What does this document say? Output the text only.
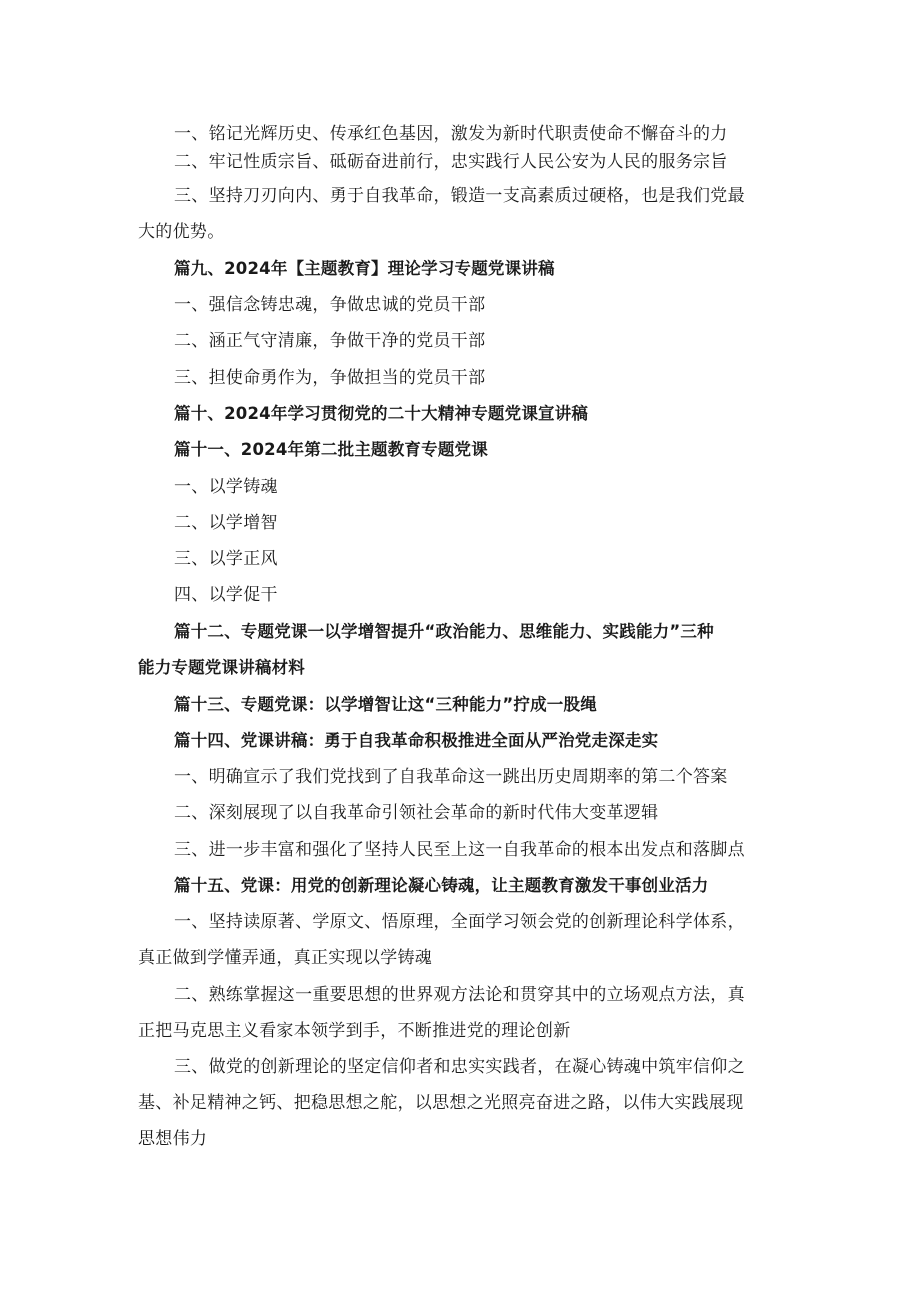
一、铭记光辉历史、传承红色基因，激发为新时代职责使命不懈奋斗的力
二、牢记性质宗旨、砥砺奋进前行，忠实践行人民公安为人民的服务宗旨
三、坚持刀刃向内、勇于自我革命，锻造一支高素质过硬格，也是我们党最
大的优势。
篇九、2024年【主题教育】理论学习专题党课讲稿
一、强信念铸忠魂，争做忠诚的党员干部
二、涵正气守清廉，争做干净的党员干部
三、担使命勇作为，争做担当的党员干部
篇十、2024年学习贯彻党的二十大精神专题党课宣讲稿
篇十一、2024年第二批主题教育专题党课
一、以学铸魂
二、以学增智
三、以学正风
四、以学促干
篇十二、专题党课一以学增智提升“政治能力、思维能力、实践能力”三种
能力专题党课讲稿材料
篇十三、专题党课：以学增智让这“三种能力”拧成一股绳
篇十四、党课讲稿：勇于自我革命积极推进全面从严治党走深走实
一、明确宣示了我们党找到了自我革命这一跳出历史周期率的第二个答案
二、深刻展现了以自我革命引领社会革命的新时代伟大变革逻辑
三、进一步丰富和强化了坚持人民至上这一自我革命的根本出发点和落脚点
篇十五、党课：用党的创新理论凝心铸魂，让主题教育激发干事创业活力
一、坚持读原著、学原文、悟原理，全面学习领会党的创新理论科学体系，
真正做到学懂弄通，真正实现以学铸魂
二、熟练掌握这一重要思想的世界观方法论和贯穿其中的立场观点方法，真
正把马克思主义看家本领学到手，不断推进党的理论创新
三、做党的创新理论的坚定信仰者和忠实实践者，在凝心铸魂中筑牢信仰之
基、补足精神之钙、把稳思想之舵，以思想之光照亮奋进之路，以伟大实践展现
思想伟力
